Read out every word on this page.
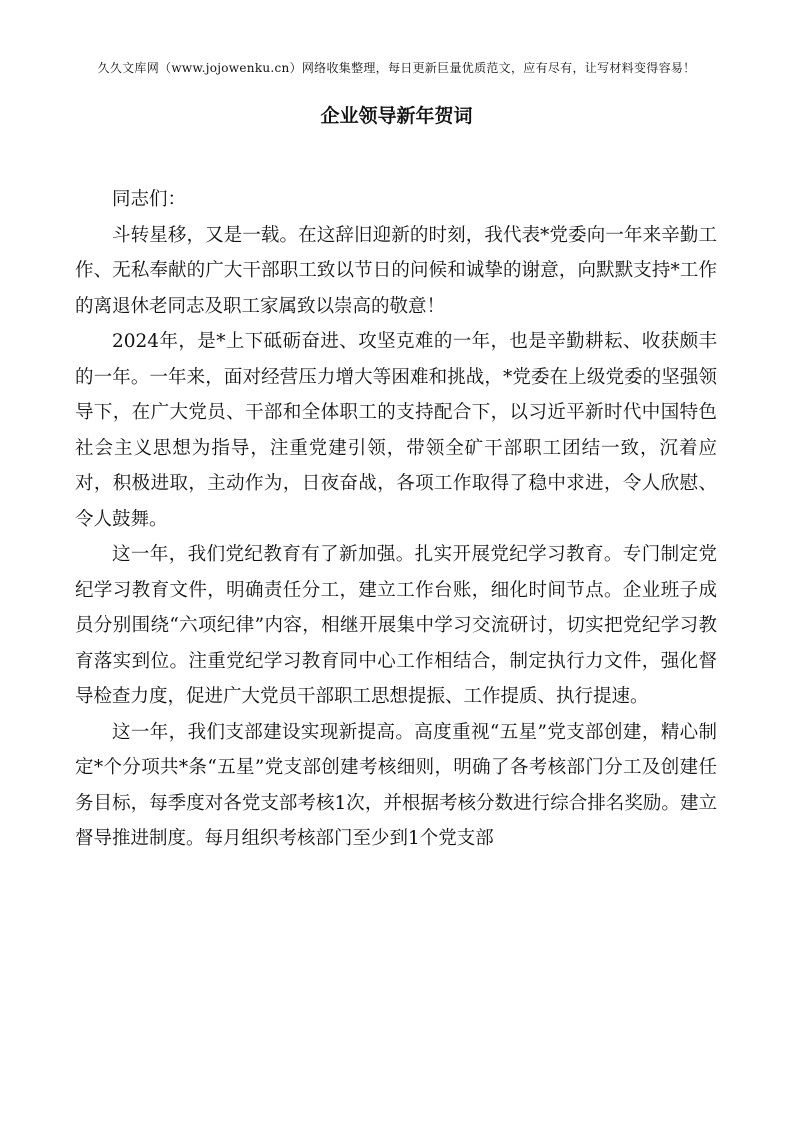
久久文库网（www.jojowenku.cn）网络收集整理，每日更新巨量优质范文，应有尽有，让写材料变得容易！
企业领导新年贺词

同志们：

斗转星移，又是一载。在这辞旧迎新的时刻，我代表*党委向一年来辛勤工作、无私奉献的广大干部职工致以节日的问候和诚挚的谢意，向默默支持*工作的离退休老同志及职工家属致以崇高的敬意！

2024年，是*上下砥砺奋进、攻坚克难的一年，也是辛勤耕耘、收获颇丰的一年。一年来，面对经营压力增大等困难和挑战，*党委在上级党委的坚强领导下，在广大党员、干部和全体职工的支持配合下，以习近平新时代中国特色社会主义思想为指导，注重党建引领，带领全矿干部职工团结一致，沉着应对，积极进取，主动作为，日夜奋战，各项工作取得了稳中求进，令人欣慰、令人鼓舞。

这一年，我们党纪教育有了新加强。扎实开展党纪学习教育。专门制定党纪学习教育文件，明确责任分工，建立工作台账，细化时间节点。企业班子成员分别围绕“六项纪律”内容，相继开展集中学习交流研讨，切实把党纪学习教育落实到位。注重党纪学习教育同中心工作相结合，制定执行力文件，强化督导检查力度，促进广大党员干部职工思想提振、工作提质、执行提速。

这一年，我们支部建设实现新提高。高度重视“五星”党支部创建，精心制定*个分项共*条“五星”党支部创建考核细则，明确了各考核部门分工及创建任务目标，每季度对各党支部考核1次，并根据考核分数进行综合排名奖励。建立督导推进制度。每月组织考核部门至少到1个党支部
